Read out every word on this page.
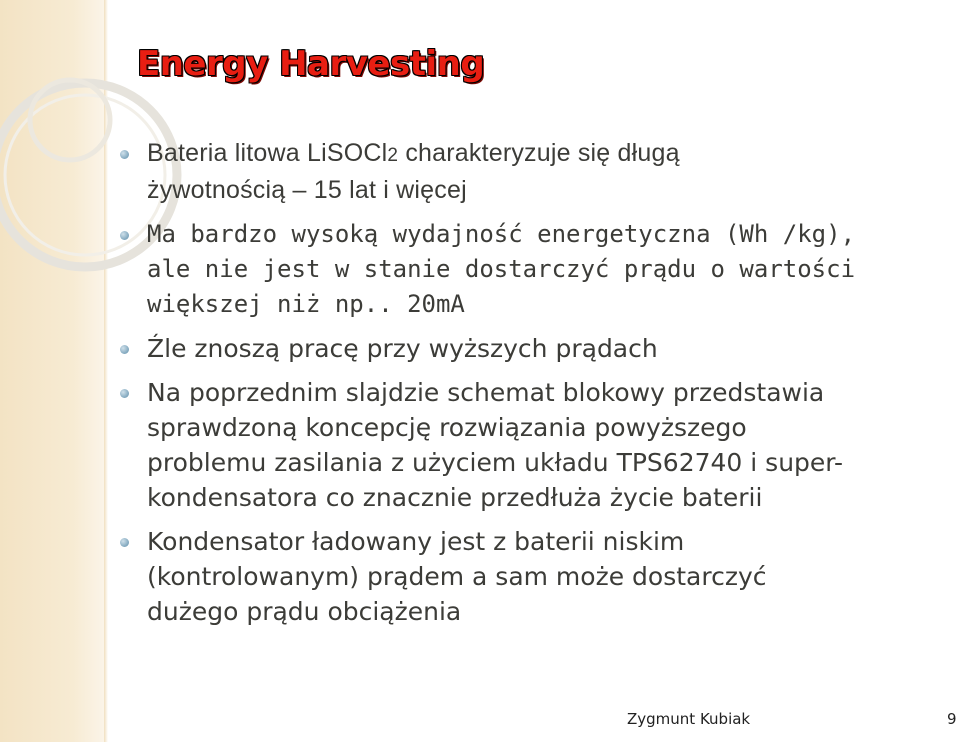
Energy Harvesting
Bateria litowa LiSOCl2 charakteryzuje się długą
żywotnością – 15 lat i więcej
Ma bardzo wysoką wydajność energetyczna (Wh /kg),
ale nie jest w stanie dostarczyć prądu o wartości
większej niż np.. 20mA
Źle znoszą pracę przy wyższych prądach
Na poprzednim slajdzie schemat blokowy przedstawia
sprawdzoną koncepcję rozwiązania powyższego
problemu zasilania z użyciem układu TPS62740 i super-
kondensatora co znacznie przedłuża życie baterii
Kondensator ładowany jest z baterii niskim
(kontrolowanym) prądem a sam może dostarczyć
dużego prądu obciążenia
Zygmunt Kubiak	9
